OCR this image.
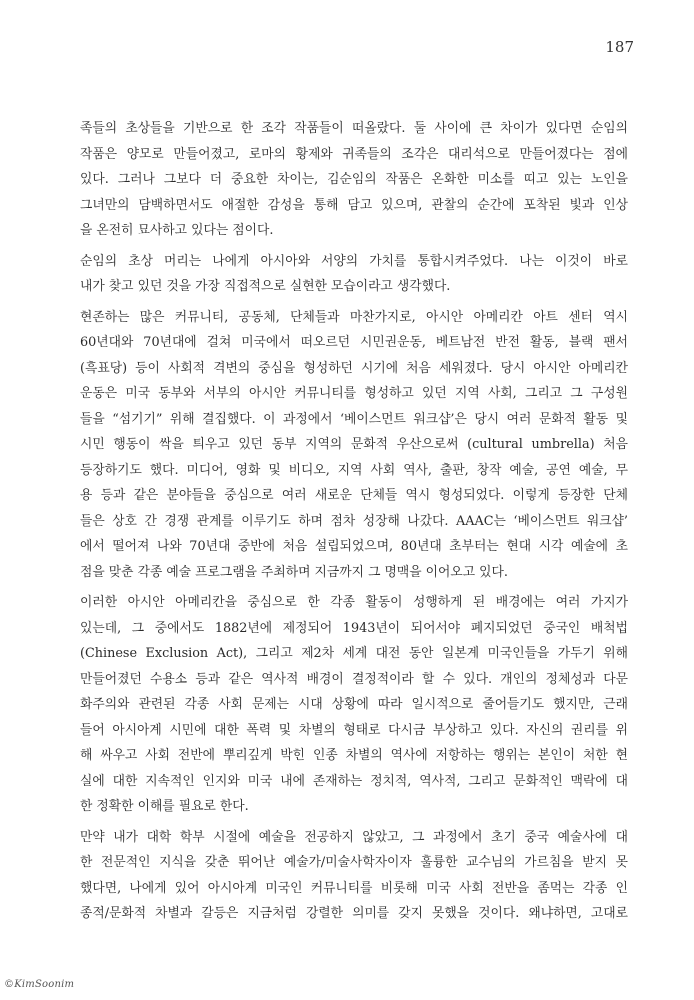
187
족들의 초상들을 기반으로 한 조각 작품들이 떠올랐다. 둘 사이에 큰 차이가 있다면 순임의
작품은 양모로 만들어졌고, 로마의 황제와 귀족들의 조각은 대리석으로 만들어졌다는 점에
있다. 그러나 그보다 더 중요한 차이는, 김순임의 작품은 온화한 미소를 띠고 있는 노인을
그녀만의 담백하면서도 애절한 감성을 통해 담고 있으며, 관찰의 순간에 포착된 빛과 인상
을 온전히 묘사하고 있다는 점이다.
순임의 초상 머리는 나에게 아시아와 서양의 가치를 통합시켜주었다. 나는 이것이 바로
내가 찾고 있던 것을 가장 직접적으로 실현한 모습이라고 생각했다.
현존하는 많은 커뮤니티, 공동체, 단체들과 마찬가지로, 아시안 아메리칸 아트 센터 역시
60년대와 70년대에 걸쳐 미국에서 떠오르던 시민권운동, 베트남전 반전 활동, 블랙 팬서
(흑표당) 등이 사회적 격변의 중심을 형성하던 시기에 처음 세워졌다. 당시 아시안 아메리칸
운동은 미국 동부와 서부의 아시안 커뮤니티를 형성하고 있던 지역 사회, 그리고 그 구성원
들을 “섬기기” 위해 결집했다. 이 과정에서 ‘베이스먼트 워크샵’은 당시 여러 문화적 활동 및
시민 행동이 싹을 틔우고 있던 동부 지역의 문화적 우산으로써 (cultural umbrella) 처음
등장하기도 했다. 미디어, 영화 및 비디오, 지역 사회 역사, 출판, 창작 예술, 공연 예술, 무
용 등과 같은 분야들을 중심으로 여러 새로운 단체들 역시 형성되었다. 이렇게 등장한 단체
들은 상호 간 경쟁 관계를 이루기도 하며 점차 성장해 나갔다. AAAC는 ‘베이스먼트 워크샵’
에서 떨어져 나와 70년대 중반에 처음 설립되었으며, 80년대 초부터는 현대 시각 예술에 초
점을 맞춘 각종 예술 프로그램을 주최하며 지금까지 그 명맥을 이어오고 있다.
이러한 아시안 아메리칸을 중심으로 한 각종 활동이 성행하게 된 배경에는 여러 가지가
있는데, 그 중에서도 1882년에 제정되어 1943년이 되어서야 폐지되었던 중국인 배척법
(Chinese Exclusion Act), 그리고 제2차 세계 대전 동안 일본계 미국인들을 가두기 위해
만들어졌던 수용소 등과 같은 역사적 배경이 결정적이라 할 수 있다. 개인의 정체성과 다문
화주의와 관련된 각종 사회 문제는 시대 상황에 따라 일시적으로 줄어들기도 했지만, 근래
들어 아시아계 시민에 대한 폭력 및 차별의 형태로 다시금 부상하고 있다. 자신의 권리를 위
해 싸우고 사회 전반에 뿌리깊게 박힌 인종 차별의 역사에 저항하는 행위는 본인이 처한 현
실에 대한 지속적인 인지와 미국 내에 존재하는 정치적, 역사적, 그리고 문화적인 맥락에 대
한 정확한 이해를 필요로 한다.
만약 내가 대학 학부 시절에 예술을 전공하지 않았고, 그 과정에서 초기 중국 예술사에 대
한 전문적인 지식을 갖춘 뛰어난 예술가/미술사학자이자 훌륭한 교수님의 가르침을 받지 못
했다면, 나에게 있어 아시아계 미국인 커뮤니티를 비롯해 미국 사회 전반을 좀먹는 각종 인
종적/문화적 차별과 갈등은 지금처럼 강렬한 의미를 갖지 못했을 것이다. 왜냐하면, 고대로
©KimSoonim
